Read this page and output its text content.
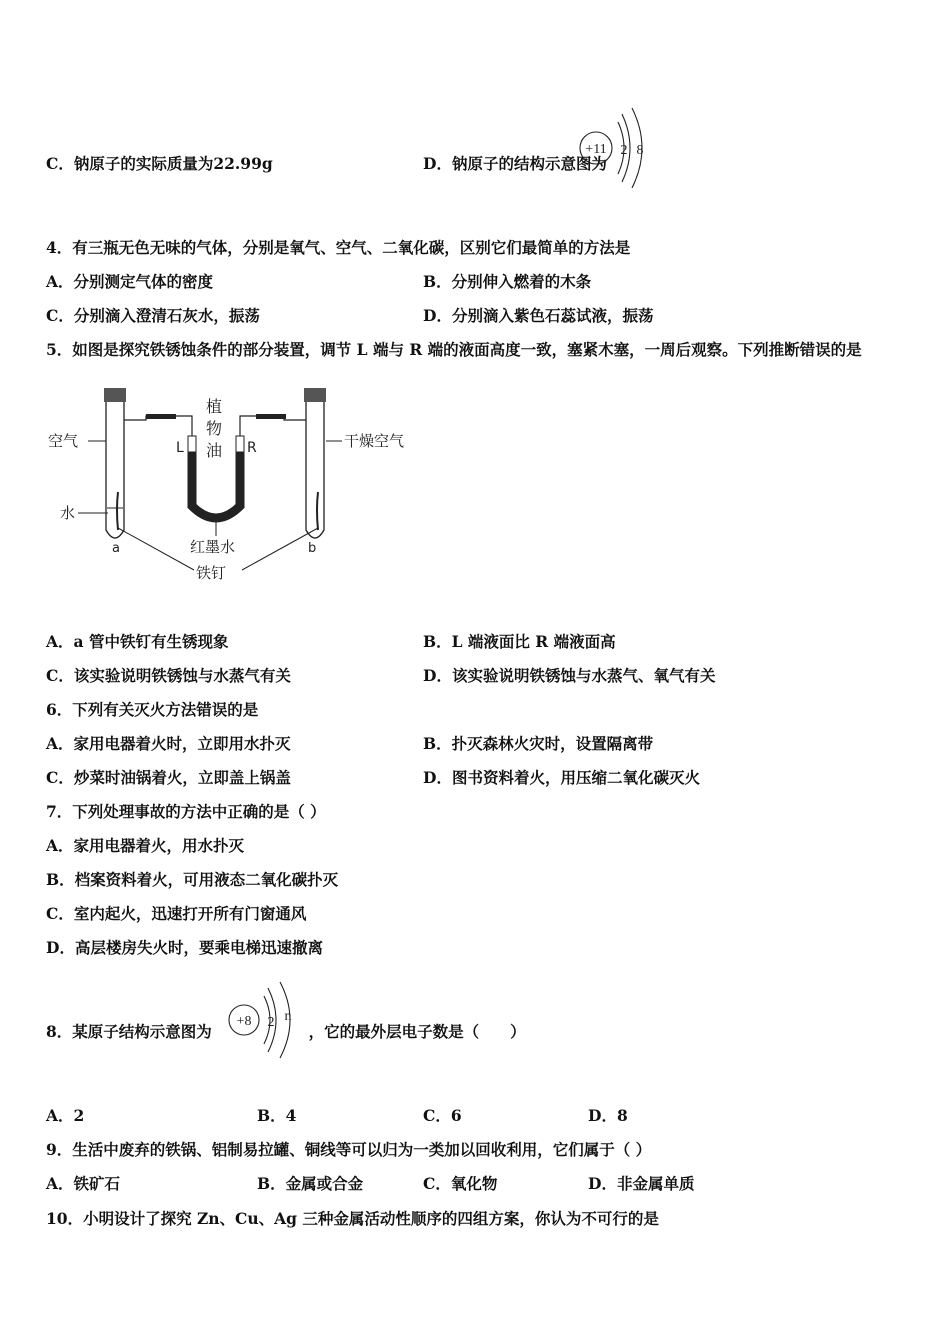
C．钠原子的实际质量为22.99g	D．钠原子的结构示意图为
+11 2 8
4．有三瓶无色无味的气体，分别是氧气、空气、二氧化碳，区别它们最简单的方法是
A．分别测定气体的密度	B．分别伸入燃着的木条
C．分别滴入澄清石灰水，振荡	D．分别滴入紫色石蕊试液，振荡
5．如图是探究铁锈蚀条件的部分装置，调节 L 端与 R 端的液面高度一致，塞紧木塞，一周后观察。下列推断错误的是
空气
水
植
物
油
L	R	干燥空气
红墨水
a	b
铁钉
A．a 管中铁钉有生锈现象	B．L 端液面比 R 端液面高
C．该实验说明铁锈蚀与水蒸气有关	D．该实验说明铁锈蚀与水蒸气、氧气有关
6．下列有关灭火方法错误的是
A．家用电器着火时，立即用水扑灭	B．扑灭森林火灾时，设置隔离带
C．炒菜时油锅着火，立即盖上锅盖	D．图书资料着火，用压缩二氧化碳灭火
7．下列处理事故的方法中正确的是（ ）
A．家用电器着火，用水扑灭
B．档案资料着火，可用液态二氧化碳扑灭
C．室内起火，迅速打开所有门窗通风
D．高层楼房失火时，要乘电梯迅速撤离
8．某原子结构示意图为	，它的最外层电子数是（　　）
+8 2 n
A．2	B．4	C．6	D．8
9．生活中废弃的铁锅、铝制易拉罐、铜线等可以归为一类加以回收利用，它们属于（ ）
A．铁矿石	B．金属或合金	C．氧化物	D．非金属单质
10．小明设计了探究 Zn、Cu、Ag 三种金属活动性顺序的四组方案，你认为不可行的是
